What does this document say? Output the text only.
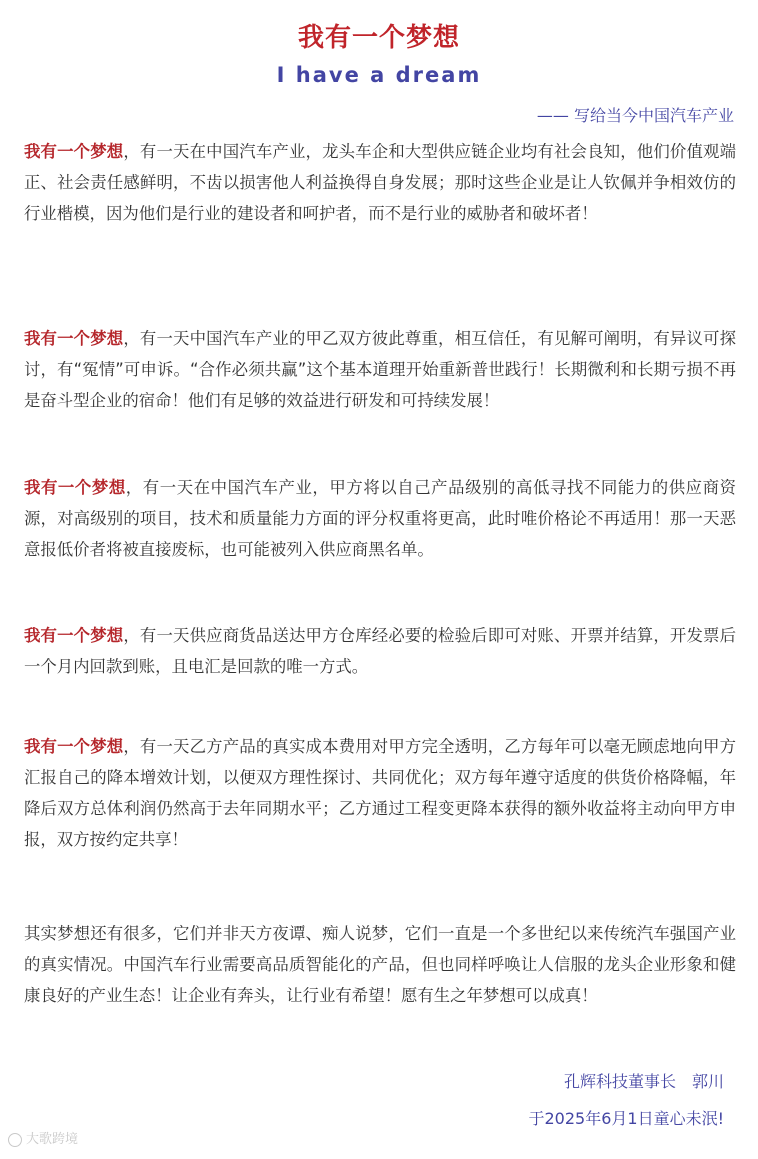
我有一个梦想
I have a dream
—— 写给当今中国汽车产业
我有一个梦想，有一天在中国汽车产业，龙头车企和大型供应链企业均有社会良知，他们价值观端正、社会责任感鲜明，不齿以损害他人利益换得自身发展；那时这些企业是让人钦佩并争相效仿的行业楷模，因为他们是行业的建设者和呵护者，而不是行业的威胁者和破坏者！
我有一个梦想，有一天中国汽车产业的甲乙双方彼此尊重，相互信任，有见解可阐明，有异议可探讨，有“冤情”可申诉。“合作必须共赢”这个基本道理开始重新普世践行！长期微利和长期亏损不再是奋斗型企业的宿命！他们有足够的效益进行研发和可持续发展！
我有一个梦想，有一天在中国汽车产业，甲方将以自己产品级别的高低寻找不同能力的供应商资源，对高级别的项目，技术和质量能力方面的评分权重将更高，此时唯价格论不再适用！那一天恶意报低价者将被直接废标，也可能被列入供应商黑名单。
我有一个梦想，有一天供应商货品送达甲方仓库经必要的检验后即可对账、开票并结算，开发票后一个月内回款到账，且电汇是回款的唯一方式。
我有一个梦想，有一天乙方产品的真实成本费用对甲方完全透明，乙方每年可以毫无顾虑地向甲方汇报自己的降本增效计划，以便双方理性探讨、共同优化；双方每年遵守适度的供货价格降幅，年降后双方总体利润仍然高于去年同期水平；乙方通过工程变更降本获得的额外收益将主动向甲方申报，双方按约定共享！
其实梦想还有很多，它们并非天方夜谭、痴人说梦，它们一直是一个多世纪以来传统汽车强国产业的真实情况。中国汽车行业需要高品质智能化的产品，但也同样呼唤让人信服的龙头企业形象和健康良好的产业生态！让企业有奔头，让行业有希望！愿有生之年梦想可以成真！
孔辉科技董事长　郭川
于2025年6月1日童心未泯!
大歌跨境
